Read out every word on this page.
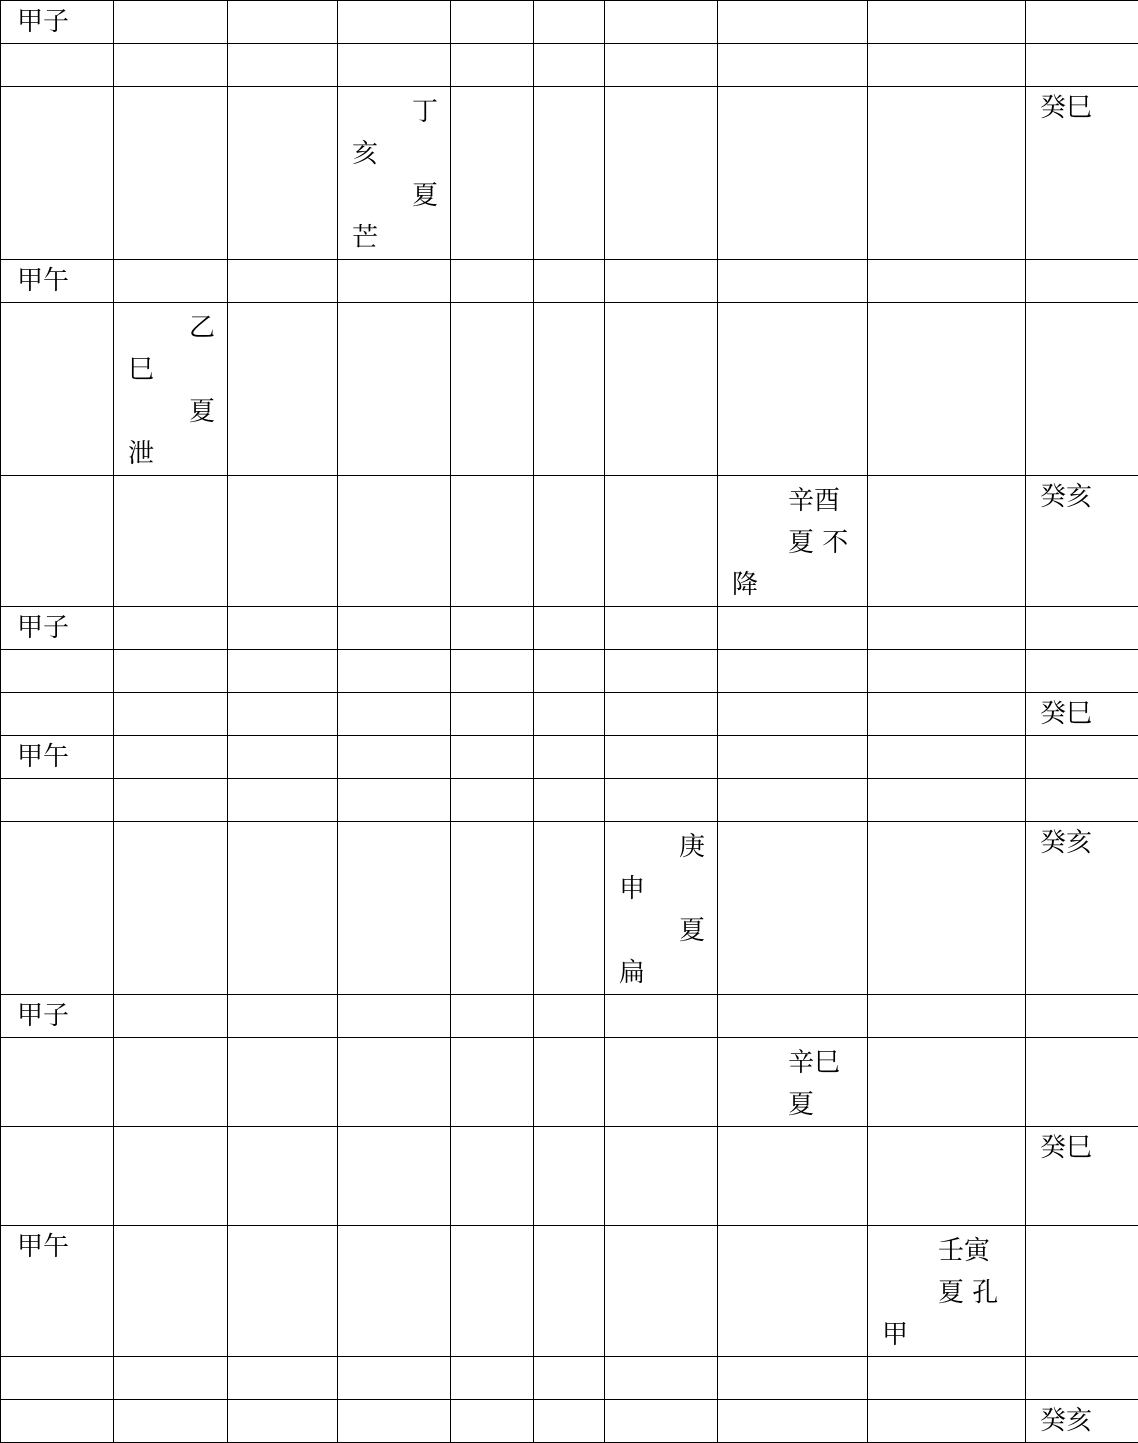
甲子									

			丁
亥
夏
芒						癸巳

甲午									

	乙
巳
夏
泄								

							辛酉
夏 不
降		癸亥

甲子									

									癸巳

甲午									

						庚
申
夏
扁			癸亥

甲子									

							辛巳
夏		

									癸巳

甲午								壬寅
夏 孔
甲	

									癸亥
